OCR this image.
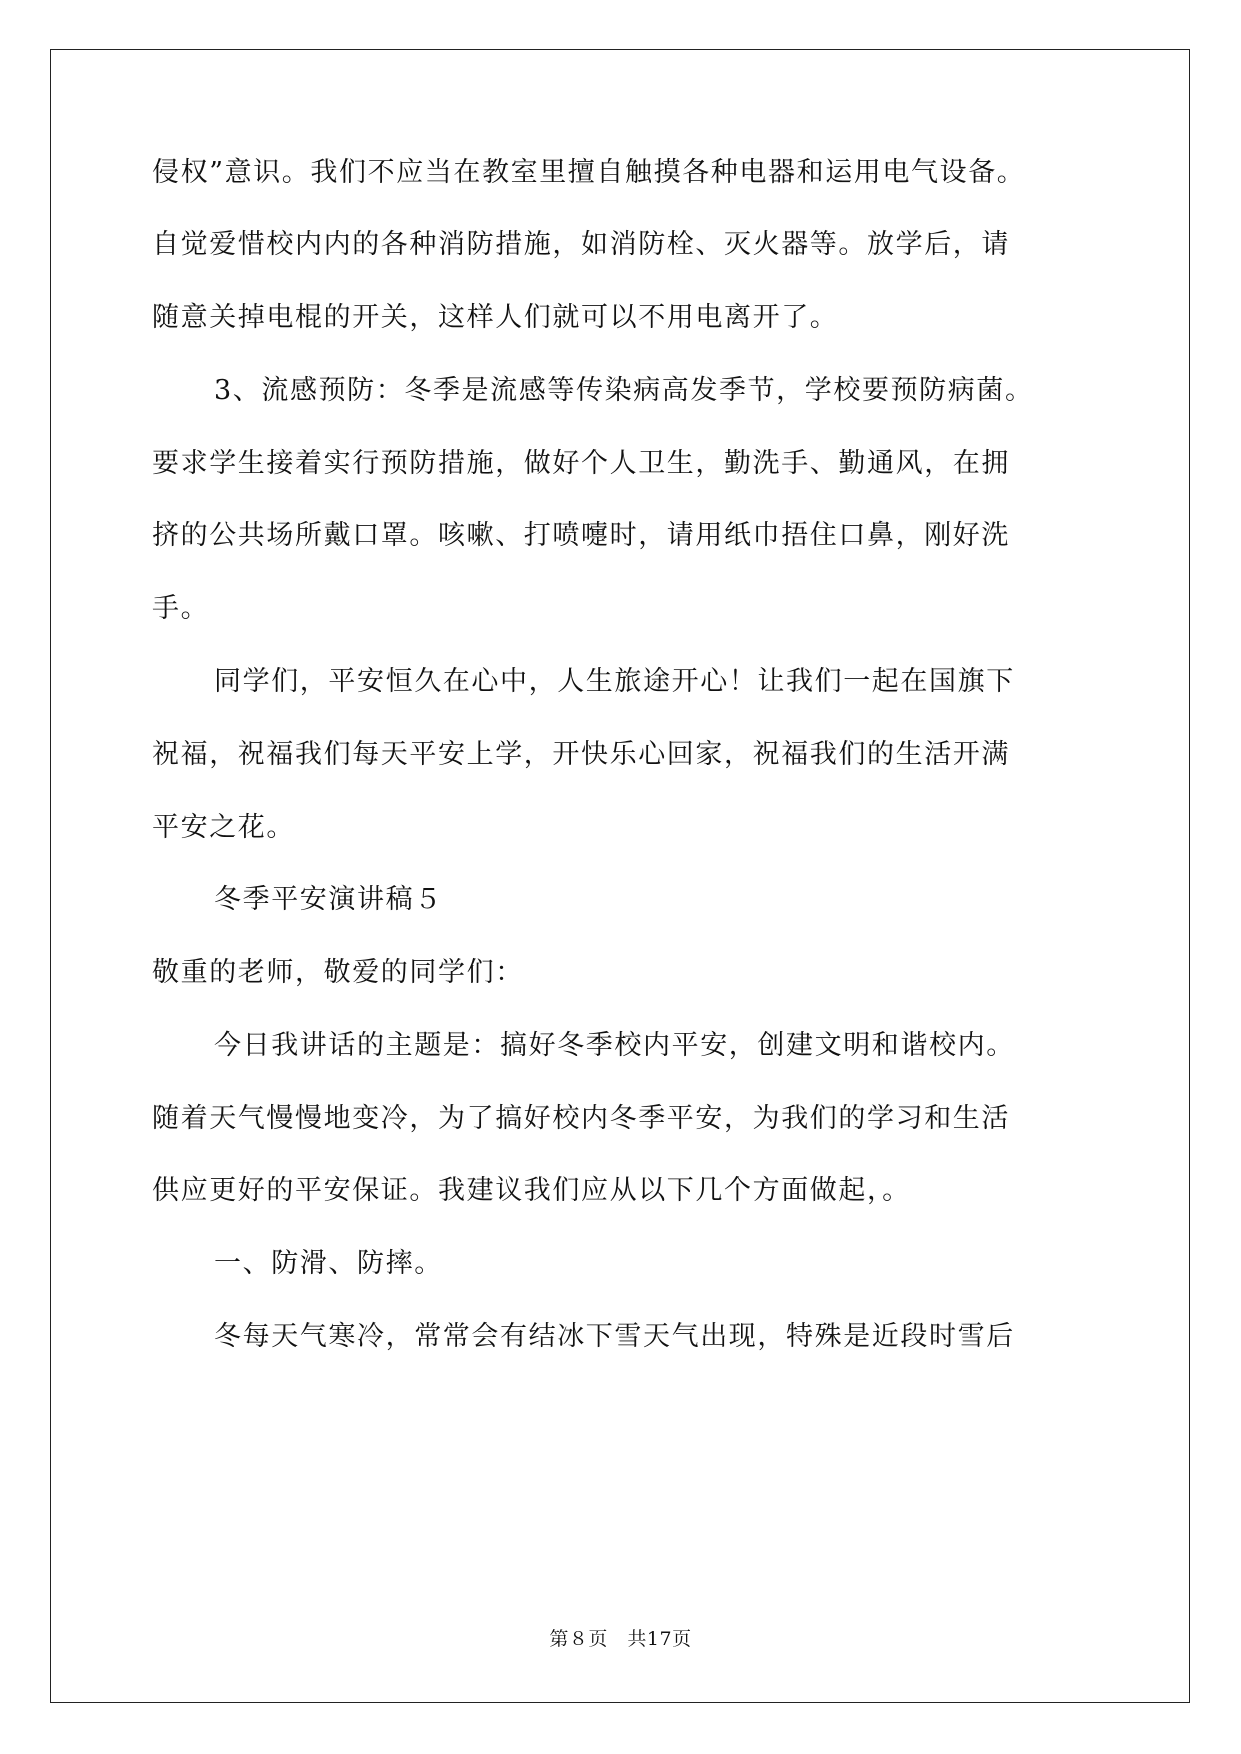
侵权”意识。我们不应当在教室里擅自触摸各种电器和运用电气设备。
自觉爱惜校内内的各种消防措施，如消防栓、灭火器等。放学后，请
随意关掉电棍的开关，这样人们就可以不用电离开了。
3、流感预防：冬季是流感等传染病高发季节，学校要预防病菌。
要求学生接着实行预防措施，做好个人卫生，勤洗手、勤通风，在拥
挤的公共场所戴口罩。咳嗽、打喷嚏时，请用纸巾捂住口鼻，刚好洗
手。
同学们，平安恒久在心中，人生旅途开心！让我们一起在国旗下
祝福，祝福我们每天平安上学，开快乐心回家，祝福我们的生活开满
平安之花。
冬季平安演讲稿５
敬重的老师，敬爱的同学们：
今日我讲话的主题是：搞好冬季校内平安，创建文明和谐校内。
随着天气慢慢地变冷，为了搞好校内冬季平安，为我们的学习和生活
供应更好的平安保证。我建议我们应从以下几个方面做起，。
一、防滑、防摔。
冬每天气寒冷，常常会有结冰下雪天气出现，特殊是近段时雪后
第８页　共17页
